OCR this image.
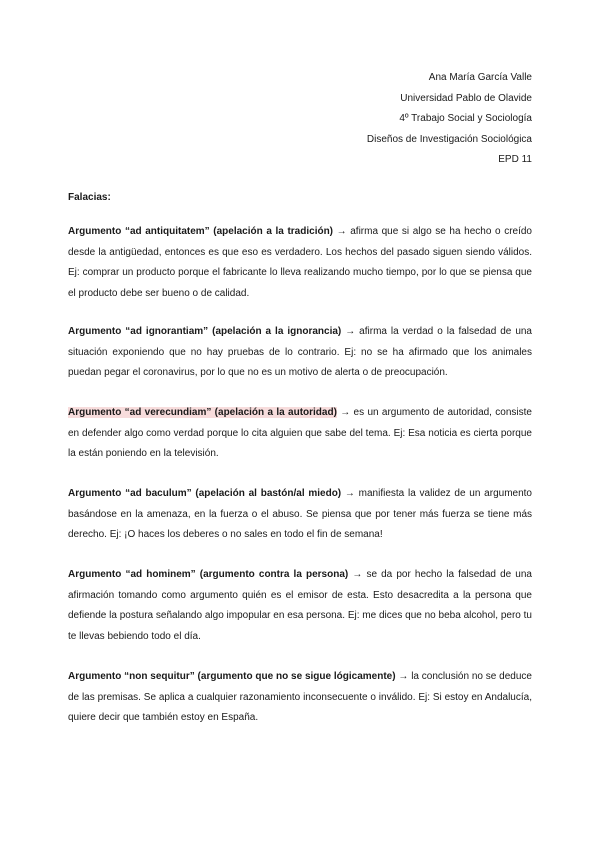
Ana María García Valle
Universidad Pablo de Olavide
4º Trabajo Social y Sociología
Diseños de Investigación Sociológica
EPD 11
Falacias:

Argumento “ad antiquitatem” (apelación a la tradición) → afirma que si algo se ha hecho o creído desde la antigüedad, entonces es que eso es verdadero. Los hechos del pasado siguen siendo válidos. Ej: comprar un producto porque el fabricante lo lleva realizando mucho tiempo, por lo que se piensa que el producto debe ser bueno o de calidad.

Argumento “ad ignorantiam” (apelación a la ignorancia) → afirma la verdad o la falsedad de una situación exponiendo que no hay pruebas de lo contrario. Ej: no se ha afirmado que los animales puedan pegar el coronavirus, por lo que no es un motivo de alerta o de preocupación.

Argumento “ad verecundiam” (apelación a la autoridad) → es un argumento de autoridad, consiste en defender algo como verdad porque lo cita alguien que sabe del tema. Ej: Esa noticia es cierta porque la están poniendo en la televisión.

Argumento “ad baculum” (apelación al bastón/al miedo) → manifiesta la validez de un argumento basándose en la amenaza, en la fuerza o el abuso. Se piensa que por tener más fuerza se tiene más derecho. Ej: ¡O haces los deberes o no sales en todo el fin de semana!

Argumento “ad hominem” (argumento contra la persona) → se da por hecho la falsedad de una afirmación tomando como argumento quién es el emisor de esta. Esto desacredita a la persona que defiende la postura señalando algo impopular en esa persona. Ej: me dices que no beba alcohol, pero tu te llevas bebiendo todo el día.

Argumento “non sequitur” (argumento que no se sigue lógicamente) → la conclusión no se deduce de las premisas. Se aplica a cualquier razonamiento inconsecuente o inválido. Ej: Si estoy en Andalucía, quiere decir que también estoy en España.
